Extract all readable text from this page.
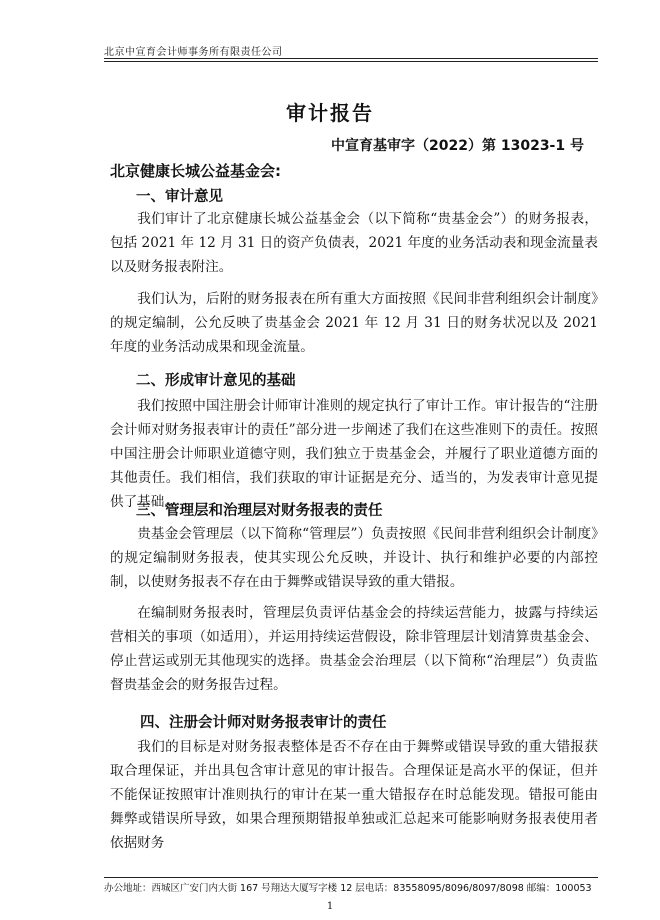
北京中宣育会计师事务所有限责任公司
审计报告
中宣育基审字（2022）第 13023-1 号
北京健康长城公益基金会:
一、审计意见
我们审计了北京健康长城公益基金会（以下简称“贵基金会”）的财务报表，包括 2021 年 12 月 31 日的资产负债表，2021 年度的业务活动表和现金流量表以及财务报表附注。
我们认为，后附的财务报表在所有重大方面按照《民间非营利组织会计制度》的规定编制，公允反映了贵基金会 2021 年 12 月 31 日的财务状况以及 2021 年度的业务活动成果和现金流量。
二、形成审计意见的基础
我们按照中国注册会计师审计准则的规定执行了审计工作。审计报告的“注册会计师对财务报表审计的责任”部分进一步阐述了我们在这些准则下的责任。按照中国注册会计师职业道德守则，我们独立于贵基金会，并履行了职业道德方面的其他责任。我们相信，我们获取的审计证据是充分、适当的，为发表审计意见提供了基础。
三、管理层和治理层对财务报表的责任
贵基金会管理层（以下简称“管理层”）负责按照《民间非营利组织会计制度》的规定编制财务报表，使其实现公允反映，并设计、执行和维护必要的内部控制，以使财务报表不存在由于舞弊或错误导致的重大错报。
在编制财务报表时，管理层负责评估基金会的持续运营能力，披露与持续运营相关的事项（如适用），并运用持续运营假设，除非管理层计划清算贵基金会、停止营运或别无其他现实的选择。贵基金会治理层（以下简称“治理层”）负责监督贵基金会的财务报告过程。
四、注册会计师对财务报表审计的责任
我们的目标是对财务报表整体是否不存在由于舞弊或错误导致的重大错报获取合理保证，并出具包含审计意见的审计报告。合理保证是高水平的保证，但并不能保证按照审计准则执行的审计在某一重大错报存在时总能发现。错报可能由舞弊或错误所导致，如果合理预期错报单独或汇总起来可能影响财务报表使用者依据财务
办公地址：西城区广安门内大街 167 号翔达大厦写字楼 12 层电话：83558095/8096/8097/8098 邮编：100053
1
